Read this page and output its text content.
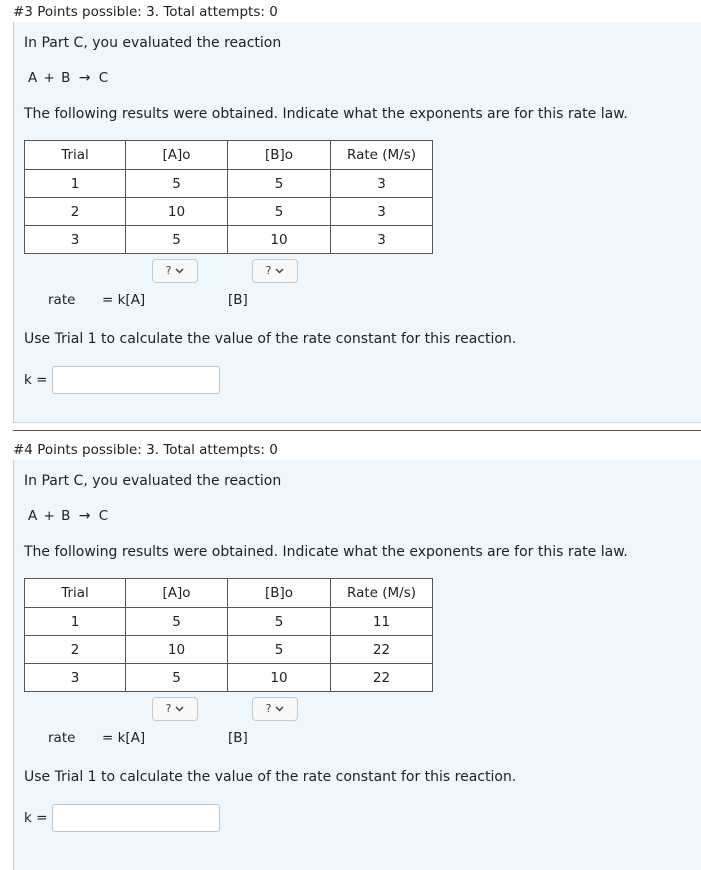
#3 Points possible: 3. Total attempts: 0
In Part C, you evaluated the reaction
A + B → C
The following results were obtained. Indicate what the exponents are for this rate law.
Trial	[A]o	[B]o	Rate (M/s)
1	5	5	3
2	10	5	3
3	5	10	3
?	?
rate = k[A]	[B]
Use Trial 1 to calculate the value of the rate constant for this reaction.
k =
#4 Points possible: 3. Total attempts: 0
In Part C, you evaluated the reaction
A + B → C
The following results were obtained. Indicate what the exponents are for this rate law.
Trial	[A]o	[B]o	Rate (M/s)
1	5	5	11
2	10	5	22
3	5	10	22
?	?
rate = k[A]	[B]
Use Trial 1 to calculate the value of the rate constant for this reaction.
k =
